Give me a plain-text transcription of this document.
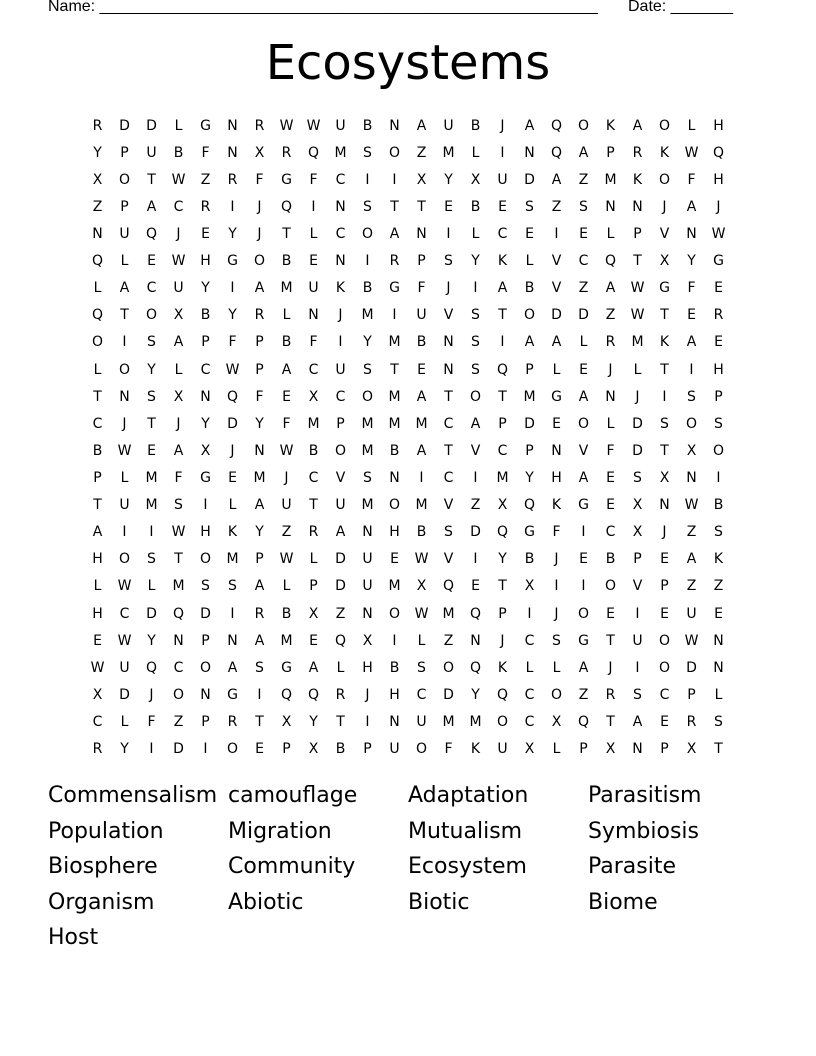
Name: ________________________________________________________ Date: _______
Ecosystems
R	D	D	L	G	N	R	W W	U	B	N	A	U	B	J	A	Q	O	K	A	O	L	H
Y	P	U	B	F	N	X	R	Q	M	S	O	Z	M	L	I	N	Q	A	P	R	K	W	Q
X	O	T	W	Z	R	F	G	F	C	I	I	X	Y	X	U	D	A	Z	M	K	O	F	H
Z	P	A	C	R	I	J	Q	I	N	S	T	T	E	B	E	S	Z	S	N	N	J	A	J
N	U	Q	J	E	Y	J	T	L	C	O	A	N	I	L	C	E	I	E	L	P	V	N	W
Q	L	E	W	H	G	O	B	E	N	I	R	P	S	Y	K	L	V	C	Q	T	X	Y	G
L	A	C	U	Y	I	A	M	U	K	B	G	F	J	I	A	B	V	Z	A	W	G	F	E
Q	T	O	X	B	Y	R	L	N	J	M	I	U	V	S	T	O	D	D	Z	W	T	E	R
O	I	S	A	P	F	P	B	F	I	Y	M	B	N	S	I	A	A	L	R	M	K	A	E
L	O	Y	L	C	W	P	A	C	U	S	T	E	N	S	Q	P	L	E	J	L	T	I	H
T	N	S	X	N	Q	F	E	X	C	O	M	A	T	O	T	M	G	A	N	J	I	S	P
C	J	T	J	Y	D	Y	F	M	P	M	M	M	C	A	P	D	E	O	L	D	S	O	S
B	W	E	A	X	J	N	W	B	O	M	B	A	T	V	C	P	N	V	F	D	T	X	O
P	L	M	F	G	E	M	J	C	V	S	N	I	C	I	M	Y	H	A	E	S	X	N	I
T	U	M	S	I	L	A	U	T	U	M	O	M	V	Z	X	Q	K	G	E	X	N	W	B
A	I	I	W	H	K	Y	Z	R	A	N	H	B	S	D	Q	G	F	I	C	X	J	Z	S
H	O	S	T	O	M	P	W	L	D	U	E	W	V	I	Y	B	J	E	B	P	E	A	K
L	W	L	M	S	S	A	L	P	D	U	M	X	Q	E	T	X	I	I	O	V	P	Z	Z
H	C	D	Q	D	I	R	B	X	Z	N	O	W	M	Q	P	I	J	O	E	I	E	U	E
E	W	Y	N	P	N	A	M	E	Q	X	I	L	Z	N	J	C	S	G	T	U	O	W	N
W	U	Q	C	O	A	S	G	A	L	H	B	S	O	Q	K	L	L	A	J	I	O	D	N
X	D	J	O	N	G	I	Q	Q	R	J	H	C	D	Y	Q	C	O	Z	R	S	C	P	L
C	L	F	Z	P	R	T	X	Y	T	I	N	U	M	M	O	C	X	Q	T	A	E	R	S
R	Y	I	D	I	O	E	P	X	B	P	U	O	F	K	U	X	L	P	X	N	P	X	T
Commensalism camouflage	Adaptation	Parasitism
Population	Migration	Mutualism	Symbiosis
Biosphere	Community	Ecosystem	Parasite
Organism	Abiotic	Biotic	Biome
Host
